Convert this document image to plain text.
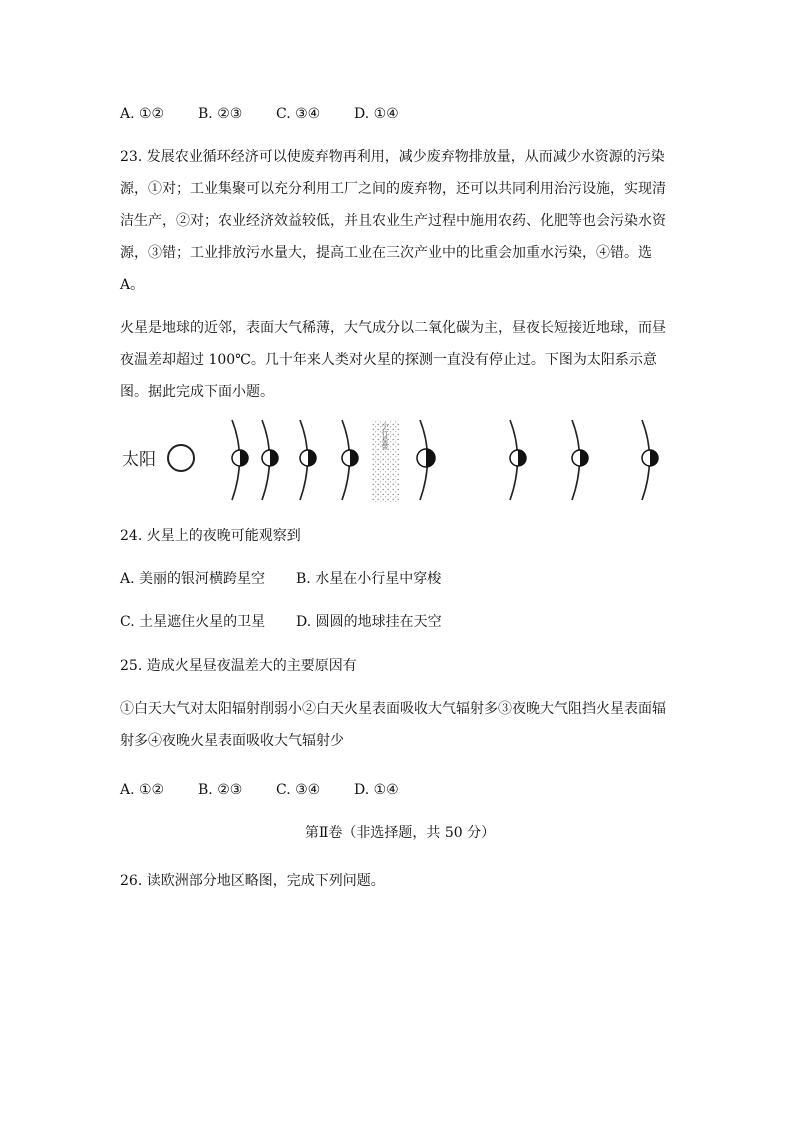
A. ①② B. ②③ C. ③④ D. ①④
23. 发展农业循环经济可以使废弃物再利用，减少废弃物排放量，从而减少水资源的污染
源，①对；工业集聚可以充分利用工厂之间的废弃物，还可以共同利用治污设施，实现清
洁生产，②对；农业经济效益较低，并且农业生产过程中施用农药、化肥等也会污染水资
源，③错；工业排放污水量大，提高工业在三次产业中的比重会加重水污染，④错。选
A。
火星是地球的近邻，表面大气稀薄，大气成分以二氧化碳为主，昼夜长短接近地球，而昼
夜温差却超过 100℃。几十年来人类对火星的探测一直没有停止过。下图为太阳系示意
图。据此完成下面小题。
太阳
小行星带
24. 火星上的夜晚可能观察到
A. 美丽的银河横跨星空 B. 水星在小行星中穿梭
C. 土星遮住火星的卫星 D. 圆圆的地球挂在天空
25. 造成火星昼夜温差大的主要原因有
①白天大气对太阳辐射削弱小②白天火星表面吸收大气辐射多③夜晚大气阻挡火星表面辐
射多④夜晚火星表面吸收大气辐射少
A. ①② B. ②③ C. ③④ D. ①④
第Ⅱ卷（非选择题，共 50 分）
26. 读欧洲部分地区略图，完成下列问题。
